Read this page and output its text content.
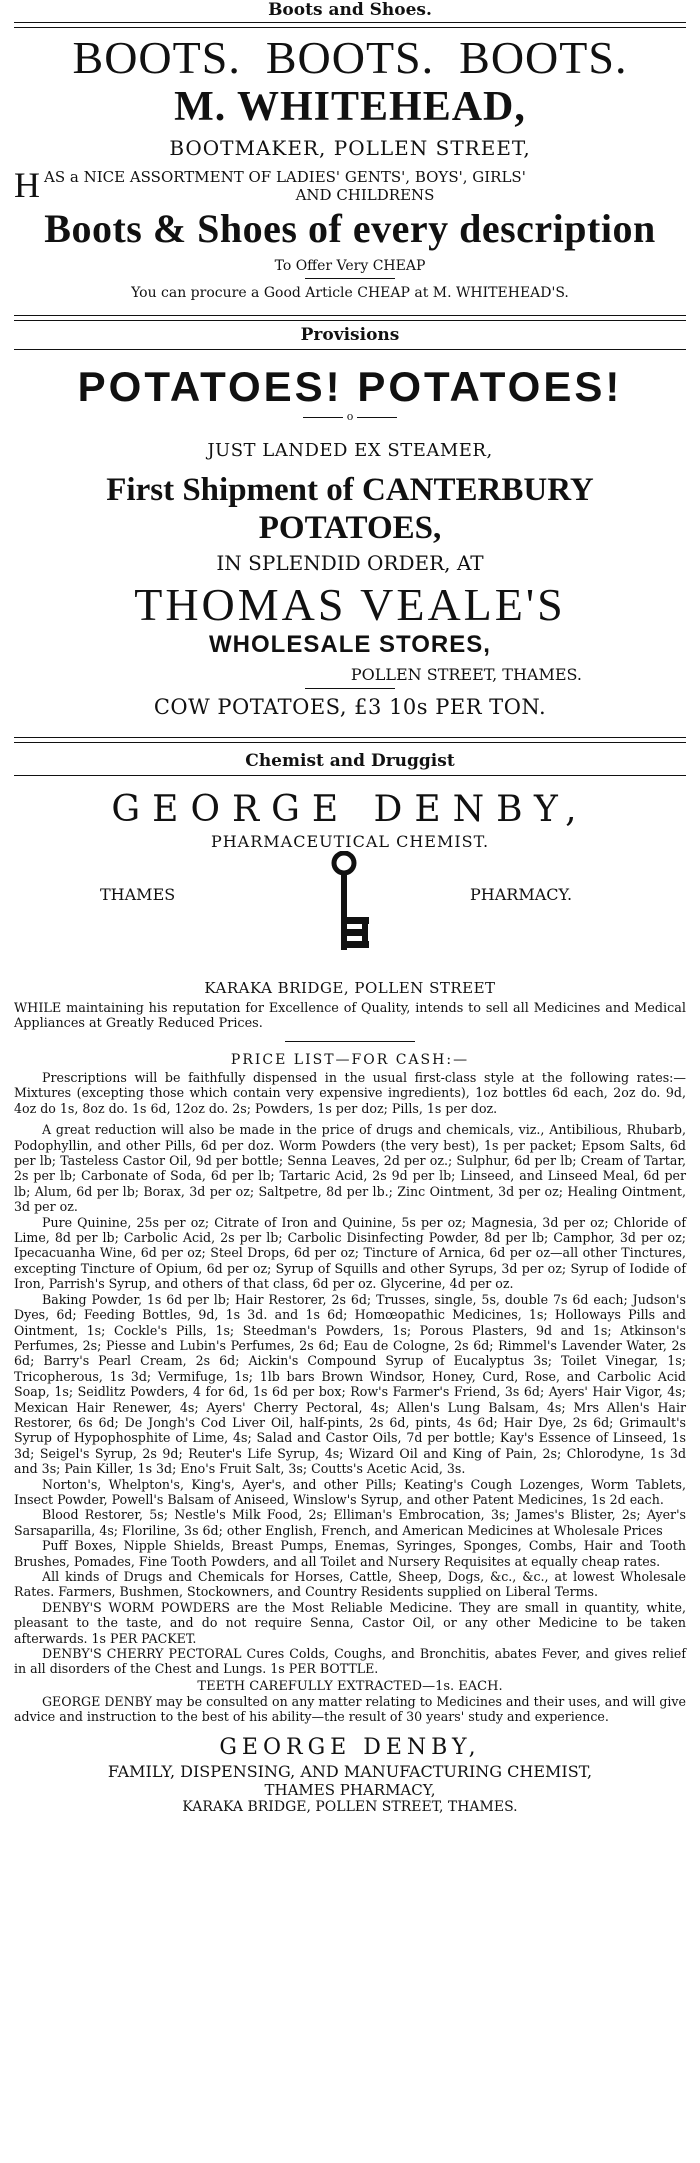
Boots and Shoes.
BOOTS.  BOOTS.  BOOTS.
M. WHITEHEAD,
BOOTMAKER, POLLEN STREET,
H AS a NICE ASSORTMENT OF LADIES' GENTS', BOYS', GIRLS'
AND CHILDRENS
Boots & Shoes of every description
To Offer Very CHEAP
You can procure a Good Article CHEAP at M. WHITEHEAD'S.
Provisions
POTATOES! POTATOES!
o
JUST LANDED EX STEAMER,
First Shipment of CANTERBURY
POTATOES,
IN SPLENDID ORDER, AT
THOMAS VEALE'S
WHOLESALE STORES,
POLLEN STREET, THAMES.
COW POTATOES, £3 10s PER TON.
Chemist and Druggist
GEORGE DENBY,
PHARMACEUTICAL CHEMIST.
THAMES	PHARMACY.
KARAKA BRIDGE, POLLEN STREET
WHILE maintaining his reputation for Excellence of Quality, intends to sell all Medicines and Medical Appliances at Greatly Reduced Prices.
PRICE LIST—FOR CASH:—

Prescriptions will be faithfully dispensed in the usual first-class style at the following rates:—Mixtures (excepting those which contain very expensive ingredients), 1oz bottles 6d each, 2oz do. 9d, 4oz do 1s, 8oz do. 1s 6d, 12oz do. 2s; Powders, 1s per doz; Pills, 1s per doz.

A great reduction will also be made in the price of drugs and chemicals, viz., Antibilious, Rhubarb, Podophyllin, and other Pills, 6d per doz. Worm Powders (the very best), 1s per packet; Epsom Salts, 6d per lb; Tasteless Castor Oil, 9d per bottle; Senna Leaves, 2d per oz.; Sulphur, 6d per lb; Cream of Tartar, 2s per lb; Carbonate of Soda, 6d per lb; Tartaric Acid, 2s 9d per lb; Linseed, and Linseed Meal, 6d per lb; Alum, 6d per lb; Borax, 3d per oz; Saltpetre, 8d per lb.; Zinc Ointment, 3d per oz; Healing Ointment, 3d per oz.

Pure Quinine, 25s per oz; Citrate of Iron and Quinine, 5s per oz; Magnesia, 3d per oz; Chloride of Lime, 8d per lb; Carbolic Acid, 2s per lb; Carbolic Disinfecting Powder, 8d per lb; Camphor, 3d per oz; Ipecacuanha Wine, 6d per oz; Steel Drops, 6d per oz; Tincture of Arnica, 6d per oz—all other Tinctures, excepting Tincture of Opium, 6d per oz; Syrup of Squills and other Syrups, 3d per oz; Syrup of Iodide of Iron, Parrish's Syrup, and others of that class, 6d per oz. Glycerine, 4d per oz.

Baking Powder, 1s 6d per lb; Hair Restorer, 2s 6d; Trusses, single, 5s, double 7s 6d each; Judson's Dyes, 6d; Feeding Bottles, 9d, 1s 3d. and 1s 6d; Homœopathic Medicines, 1s; Holloways Pills and Ointment, 1s; Cockle's Pills, 1s; Steedman's Powders, 1s; Porous Plasters, 9d and 1s; Atkinson's Perfumes, 2s; Piesse and Lubin's Perfumes, 2s 6d; Eau de Cologne, 2s 6d; Rimmel's Lavender Water, 2s 6d; Barry's Pearl Cream, 2s 6d; Aickin's Compound Syrup of Eucalyptus 3s; Toilet Vinegar, 1s; Tricopherous, 1s 3d; Vermifuge, 1s; 1lb bars Brown Windsor, Honey, Curd, Rose, and Carbolic Acid Soap, 1s; Seidlitz Powders, 4 for 6d, 1s 6d per box; Row's Farmer's Friend, 3s 6d; Ayers' Hair Vigor, 4s; Mexican Hair Renewer, 4s; Ayers' Cherry Pectoral, 4s; Allen's Lung Balsam, 4s; Mrs Allen's Hair Restorer, 6s 6d; De Jongh's Cod Liver Oil, half-pints, 2s 6d, pints, 4s 6d; Hair Dye, 2s 6d; Grimault's Syrup of Hypophosphite of Lime, 4s; Salad and Castor Oils, 7d per bottle; Kay's Essence of Linseed, 1s 3d; Seigel's Syrup, 2s 9d; Reuter's Life Syrup, 4s; Wizard Oil and King of Pain, 2s; Chlorodyne, 1s 3d and 3s; Pain Killer, 1s 3d; Eno's Fruit Salt, 3s; Coutts's Acetic Acid, 3s.

Norton's, Whelpton's, King's, Ayer's, and other Pills; Keating's Cough Lozenges, Worm Tablets, Insect Powder, Powell's Balsam of Aniseed, Winslow's Syrup, and other Patent Medicines, 1s 2d each.

Blood Restorer, 5s; Nestle's Milk Food, 2s; Elliman's Embrocation, 3s; James's Blister, 2s; Ayer's Sarsaparilla, 4s; Floriline, 3s 6d; other English, French, and American Medicines at Wholesale Prices

Puff Boxes, Nipple Shields, Breast Pumps, Enemas, Syringes, Sponges, Combs, Hair and Tooth Brushes, Pomades, Fine Tooth Powders, and all Toilet and Nursery Requisites at equally cheap rates.

All kinds of Drugs and Chemicals for Horses, Cattle, Sheep, Dogs, &c., &c., at lowest Wholesale Rates. Farmers, Bushmen, Stockowners, and Country Residents supplied on Liberal Terms.

DENBY'S WORM POWDERS are the Most Reliable Medicine. They are small in quantity, white, pleasant to the taste, and do not require Senna, Castor Oil, or any other Medicine to be taken afterwards. 1s PER PACKET.

DENBY'S CHERRY PECTORAL Cures Colds, Coughs, and Bronchitis, abates Fever, and gives relief in all disorders of the Chest and Lungs. 1s PER BOTTLE.

TEETH CAREFULLY EXTRACTED—1s. EACH.

GEORGE DENBY may be consulted on any matter relating to Medicines and their uses, and will give advice and instruction to the best of his ability—the result of 30 years' study and experience.

GEORGE DENBY,
FAMILY, DISPENSING, AND MANUFACTURING CHEMIST,
THAMES PHARMACY,
KARAKA BRIDGE, POLLEN STREET, THAMES.
